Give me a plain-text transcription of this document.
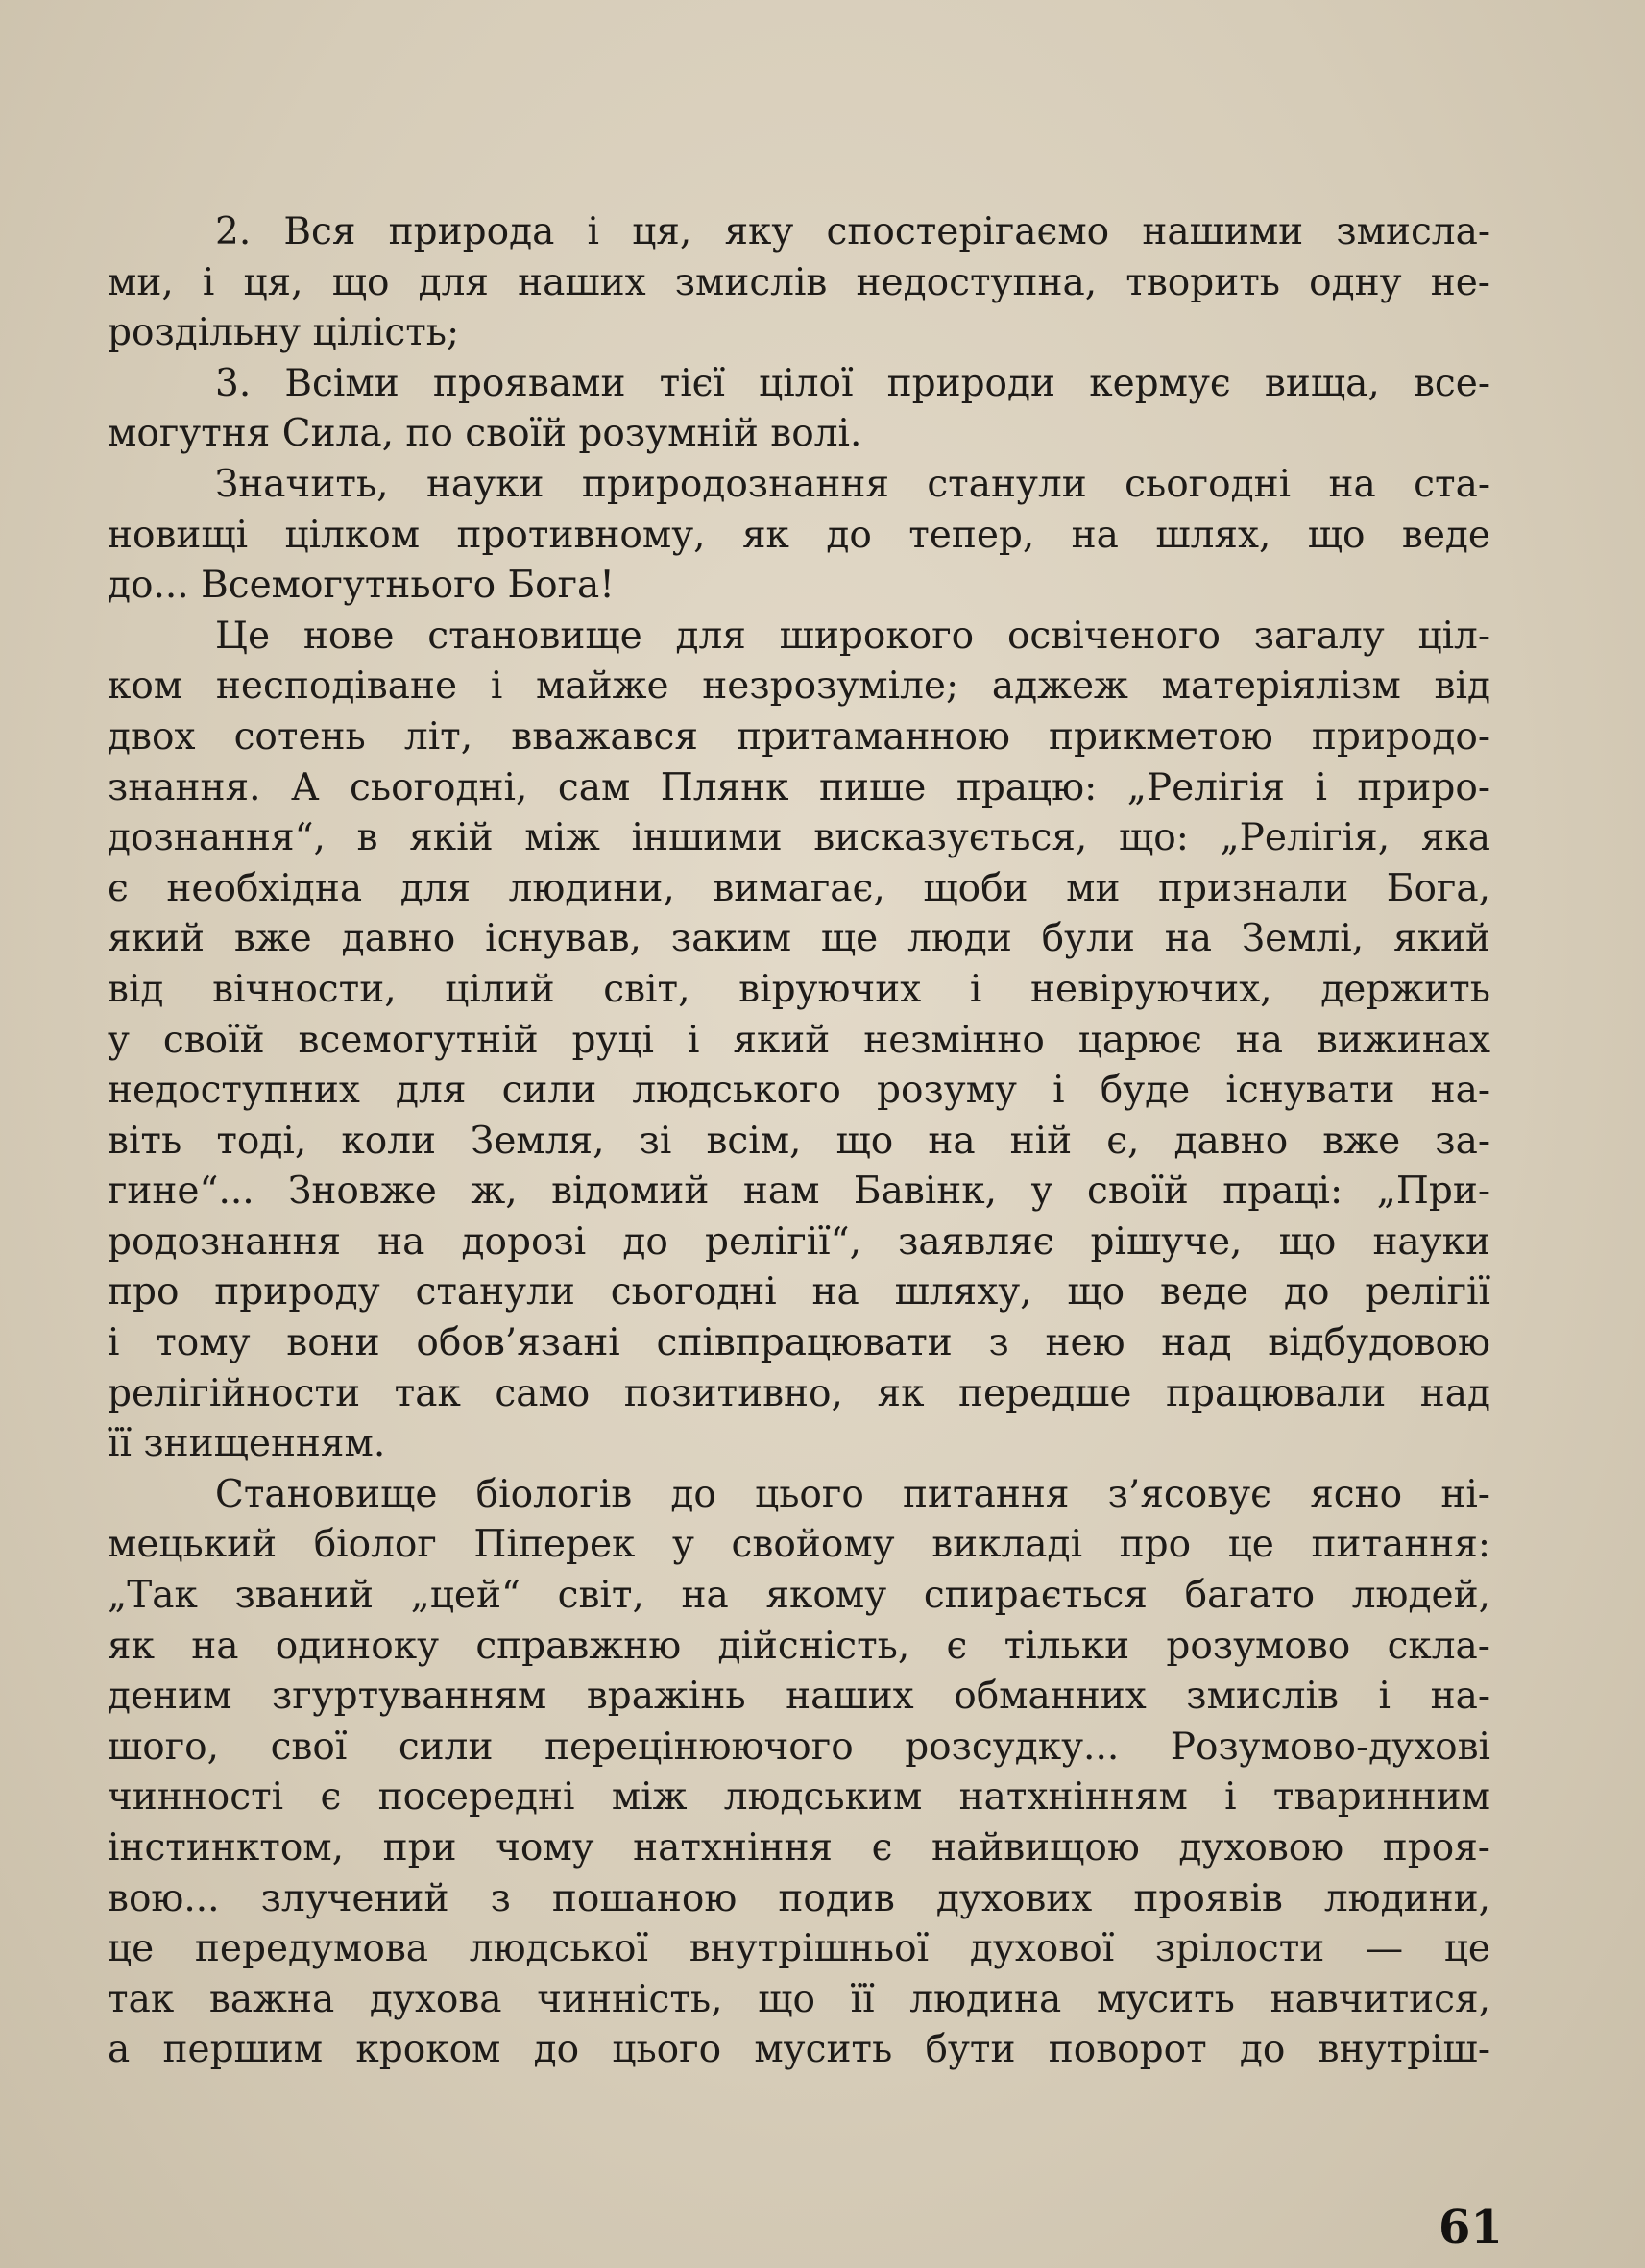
2. Вся природа і ця, яку спостерігаємо нашими змисла-
ми, і ця, що для наших змислів недоступна, творить одну не-
роздільну цілість;
3. Всіми проявами тієї цілої природи кермує вища, все-
могутня Сила, по своїй розумній волі.
Значить, науки природознання станули сьогодні на ста-
новищі цілком противному, як до тепер, на шлях, що веде
до... Всемогутнього Бога!
Це нове становище для широкого освіченого загалу ціл-
ком несподіване і майже незрозуміле; аджеж матеріялізм від
двох сотень літ, вважався притаманною прикметою природо-
знання. А сьогодні, сам Плянк пише працю: „Релігія і приро-
дознання“, в якій між іншими висказується, що: „Релігія, яка
є необхідна для людини, вимагає, щоби ми признали Бога,
який вже давно існував, заким ще люди були на Землі, який
від вічности, цілий світ, віруючих і невіруючих, держить
у своїй всемогутній руці і який незмінно царює на вижинах
недоступних для сили людського розуму і буде існувати на-
віть тоді, коли Земля, зі всім, що на ній є, давно вже за-
гине“... Зновже ж, відомий нам Бавінк, у своїй праці: „При-
родознання на дорозі до релігії“, заявляє рішуче, що науки
про природу станули сьогодні на шляху, що веде до релігії
і тому вони обов’язані співпрацювати з нею над відбудовою
релігійности так само позитивно, як передше працювали над
її знищенням.
Становище біологів до цього питання з’ясовує ясно ні-
мецький біолог Піперек у свойому викладі про це питання:
„Так званий „цей“ світ, на якому спирається багато людей,
як на одиноку справжню дійсність, є тільки розумово скла-
деним згуртуванням вражінь наших обманних змислів і на-
шого, свої сили перецінюючого розсудку... Розумово-духові
чинності є посередні між людським натхнінням і тваринним
інстинктом, при чому натхніння є найвищою духовою проя-
вою... злучений з пошаною подив духових проявів людини,
це передумова людської внутрішньої духової зрілости — це
так важна духова чинність, що її людина мусить навчитися,
а першим кроком до цього мусить бути поворот до внутріш-
61
